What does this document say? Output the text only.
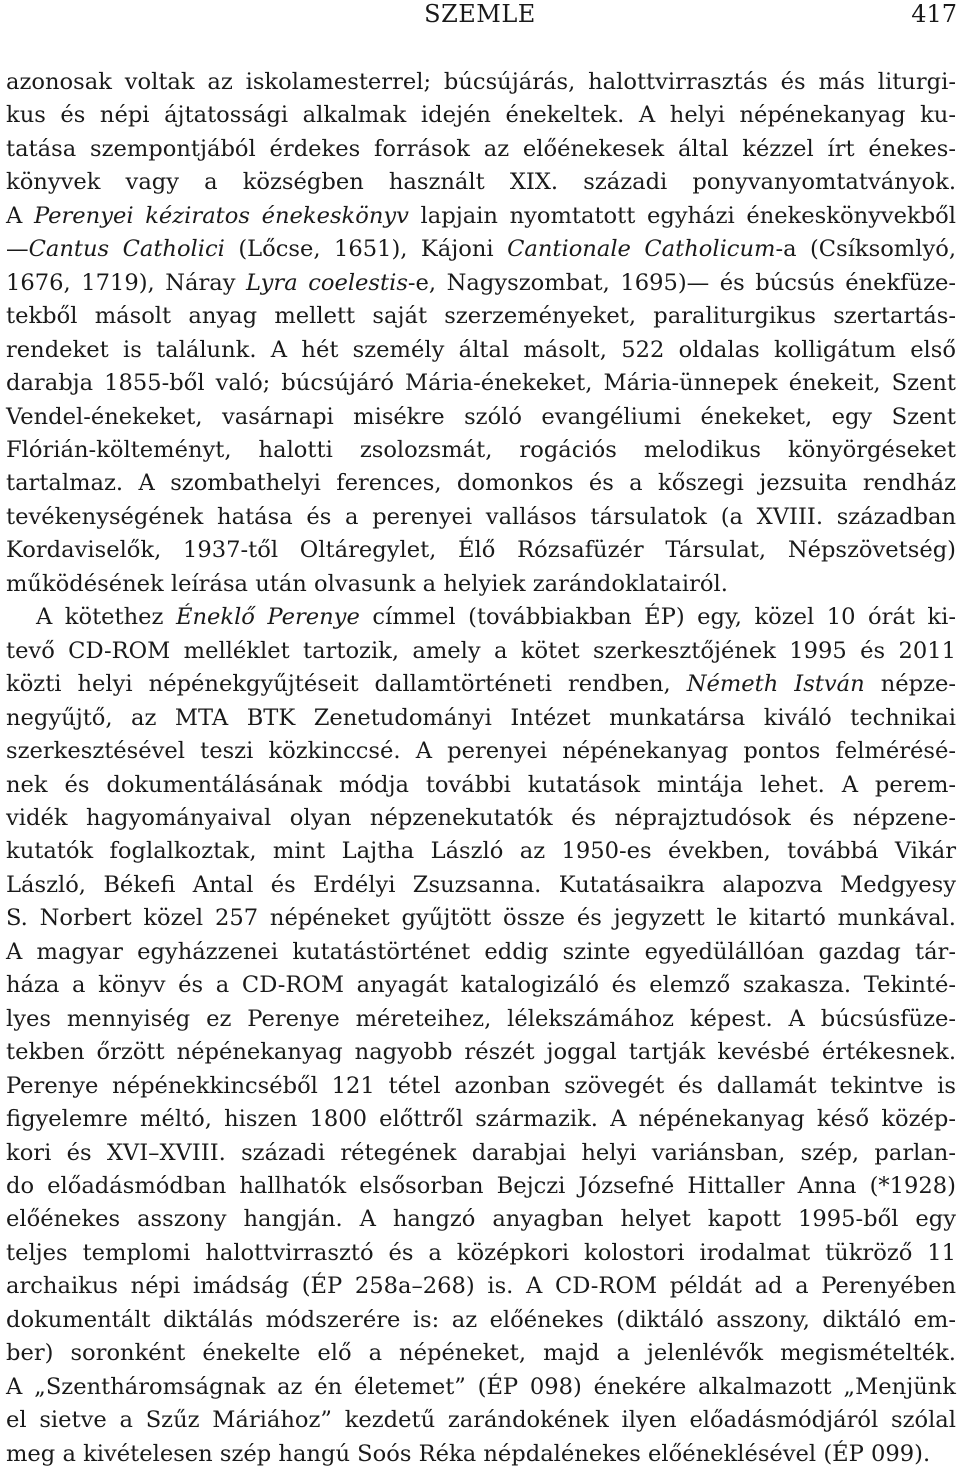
SZEMLE	417
azonosak voltak az iskolamesterrel; búcsújárás, halottvirrasztás és más liturgi-
kus és népi ájtatossági alkalmak idején énekeltek. A helyi népénekanyag ku-
tatása szempontjából érdekes források az előénekesek által kézzel írt énekes-
könyvek vagy a községben használt XIX. századi ponyvanyomtatványok.
A Perenyei kéziratos énekeskönyv lapjain nyomtatott egyházi énekeskönyvekből
—Cantus Catholici (Lőcse, 1651), Kájoni Cantionale Catholicum-a (Csíksomlyó,
1676, 1719), Náray Lyra coelestis-e, Nagyszombat, 1695)— és búcsús énekfüze-
tekből másolt anyag mellett saját szerzeményeket, paraliturgikus szertartás-
rendeket is találunk. A hét személy által másolt, 522 oldalas kolligátum első
darabja 1855-ből való; búcsújáró Mária-énekeket, Mária-ünnepek énekeit, Szent
Vendel-énekeket, vasárnapi misékre szóló evangéliumi énekeket, egy Szent
Flórián-költeményt, halotti zsolozsmát, rogációs melodikus könyörgéseket
tartalmaz. A szombathelyi ferences, domonkos és a kőszegi jezsuita rendház
tevékenységének hatása és a perenyei vallásos társulatok (a XVIII. században
Kordaviselők, 1937-től Oltáregylet, Élő Rózsafüzér Társulat, Népszövetség)
működésének leírása után olvasunk a helyiek zarándoklatairól.
A kötethez Éneklő Perenye címmel (továbbiakban ÉP) egy, közel 10 órát ki-
tevő CD-ROM melléklet tartozik, amely a kötet szerkesztőjének 1995 és 2011
közti helyi népénekgyűjtéseit dallamtörténeti rendben, Németh István népze-
negyűjtő, az MTA BTK Zenetudományi Intézet munkatársa kiváló technikai
szerkesztésével teszi közkinccsé. A perenyei népénekanyag pontos felmérésé-
nek és dokumentálásának módja további kutatások mintája lehet. A perem-
vidék hagyományaival olyan népzenekutatók és néprajztudósok és népzene-
kutatók foglalkoztak, mint Lajtha László az 1950-es években, továbbá Vikár
László, Békefi Antal és Erdélyi Zsuzsanna. Kutatásaikra alapozva Medgyesy
S. Norbert közel 257 népéneket gyűjtött össze és jegyzett le kitartó munkával.
A magyar egyházzenei kutatástörténet eddig szinte egyedülállóan gazdag tár-
háza a könyv és a CD-ROM anyagát katalogizáló és elemző szakasza. Tekinté-
lyes mennyiség ez Perenye méreteihez, lélekszámához képest. A búcsúsfüze-
tekben őrzött népénekanyag nagyobb részét joggal tartják kevésbé értékesnek.
Perenye népénekkincséből 121 tétel azonban szövegét és dallamát tekintve is
figyelemre méltó, hiszen 1800 előttről származik. A népénekanyag késő közép-
kori és XVI–XVIII. századi rétegének darabjai helyi variánsban, szép, parlan-
do előadásmódban hallhatók elsősorban Bejczi Józsefné Hittaller Anna (*1928)
előénekes asszony hangján. A hangzó anyagban helyet kapott 1995-ből egy
teljes templomi halottvirrasztó és a középkori kolostori irodalmat tükröző 11
archaikus népi imádság (ÉP 258a–268) is. A CD-ROM példát ad a Perenyében
dokumentált diktálás módszerére is: az előénekes (diktáló asszony, diktáló em-
ber) soronként énekelte elő a népéneket, majd a jelenlévők megismételték.
A „Szentháromságnak az én életemet” (ÉP 098) énekére alkalmazott „Menjünk
el sietve a Szűz Máriához” kezdetű zarándokének ilyen előadásmódjáról szólal
meg a kivételesen szép hangú Soós Réka népdalénekes előéneklésével (ÉP 099).
